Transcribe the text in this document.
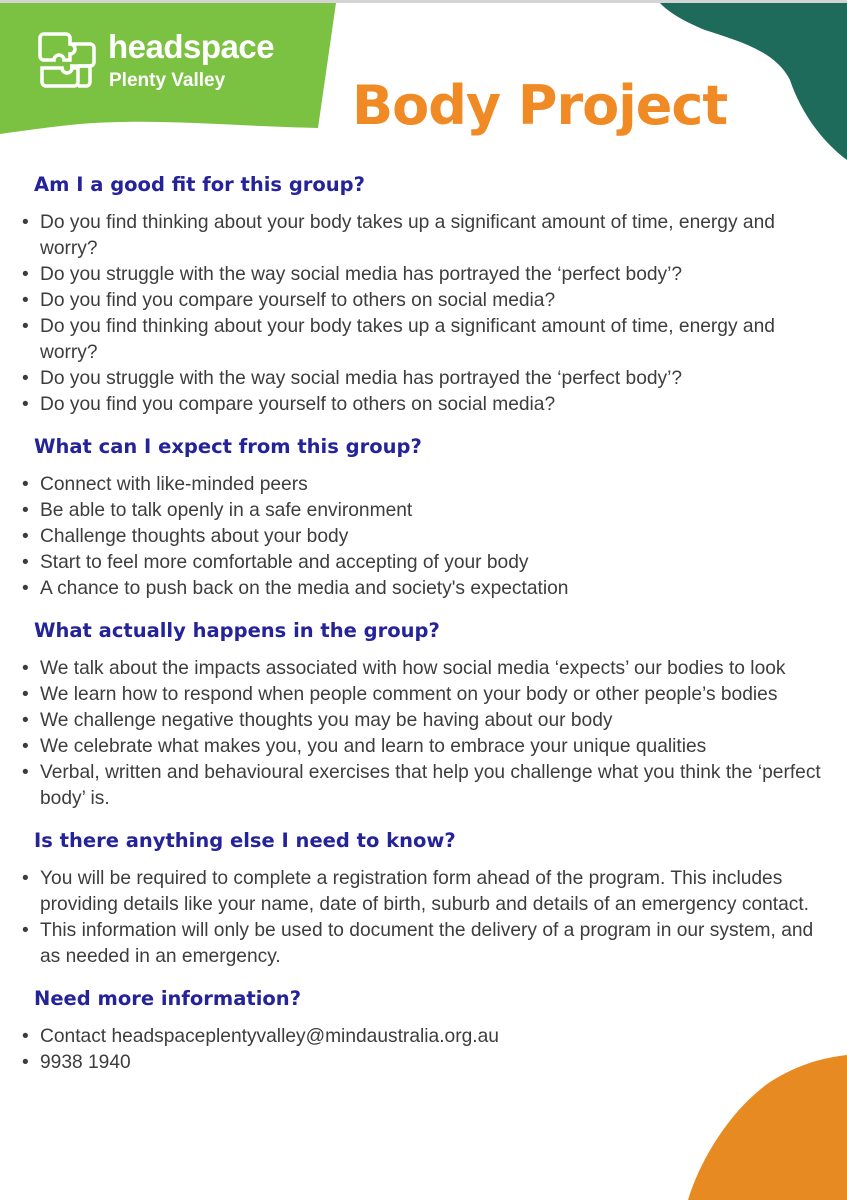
headspace
Plenty Valley Body Project
Am I a good fit for this group?
• Do you find thinking about your body takes up a significant amount of time, energy and worry?
• Do you struggle with the way social media has portrayed the ‘perfect body’?
• Do you find you compare yourself to others on social media?
• Do you find thinking about your body takes up a significant amount of time, energy and worry?
• Do you struggle with the way social media has portrayed the ‘perfect body’?
• Do you find you compare yourself to others on social media?
What can I expect from this group?
• Connect with like-minded peers
• Be able to talk openly in a safe environment
• Challenge thoughts about your body
• Start to feel more comfortable and accepting of your body
• A chance to push back on the media and society's expectation
What actually happens in the group?
• We talk about the impacts associated with how social media ‘expects’ our bodies to look
• We learn how to respond when people comment on your body or other people’s bodies
• We challenge negative thoughts you may be having about our body
• We celebrate what makes you, you and learn to embrace your unique qualities
• Verbal, written and behavioural exercises that help you challenge what you think the ‘perfect body’ is.
Is there anything else I need to know?
• You will be required to complete a registration form ahead of the program. This includes providing details like your name, date of birth, suburb and details of an emergency contact.
• This information will only be used to document the delivery of a program in our system, and as needed in an emergency.
Need more information?
• Contact headspaceplentyvalley@mindaustralia.org.au
• 9938 1940
